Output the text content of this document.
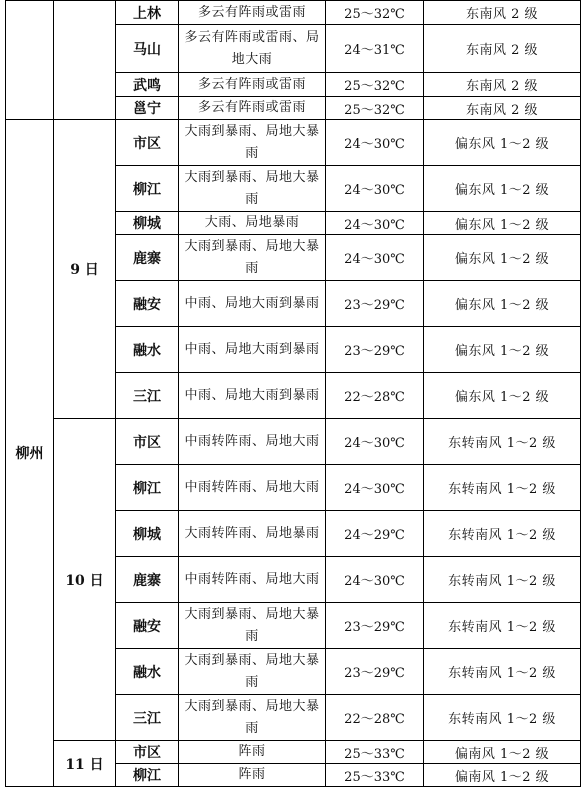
		上林	多云有阵雨或雷雨	25～32℃	东南风 2 级
		马山	多云有阵雨或雷雨、局地大雨	24～31℃	东南风 2 级
		武鸣	多云有阵雨或雷雨	25～32℃	东南风 2 级
		邕宁	多云有阵雨或雷雨	25～32℃	东南风 2 级
柳州	9 日	市区	大雨到暴雨、局地大暴雨	24～30℃	偏东风 1～2 级
		柳江	大雨到暴雨、局地大暴雨	24～30℃	偏东风 1～2 级
		柳城	大雨、局地暴雨	24～30℃	偏东风 1～2 级
		鹿寨	大雨到暴雨、局地大暴雨	24～30℃	偏东风 1～2 级
		融安	中雨、局地大雨到暴雨	23～29℃	偏东风 1～2 级
		融水	中雨、局地大雨到暴雨	23～29℃	偏东风 1～2 级
		三江	中雨、局地大雨到暴雨	22～28℃	偏东风 1～2 级
	10 日	市区	中雨转阵雨、局地大雨	24～30℃	东转南风 1～2 级
		柳江	中雨转阵雨、局地大雨	24～30℃	东转南风 1～2 级
		柳城	大雨转阵雨、局地暴雨	24～29℃	东转南风 1～2 级
		鹿寨	中雨转阵雨、局地大雨	24～30℃	东转南风 1～2 级
		融安	大雨到暴雨、局地大暴雨	23～29℃	东转南风 1～2 级
		融水	大雨到暴雨、局地大暴雨	23～29℃	东转南风 1～2 级
		三江	大雨到暴雨、局地大暴雨	22～28℃	东转南风 1～2 级
	11 日	市区	阵雨	25～33℃	偏南风 1～2 级
		柳江	阵雨	25～33℃	偏南风 1～2 级
